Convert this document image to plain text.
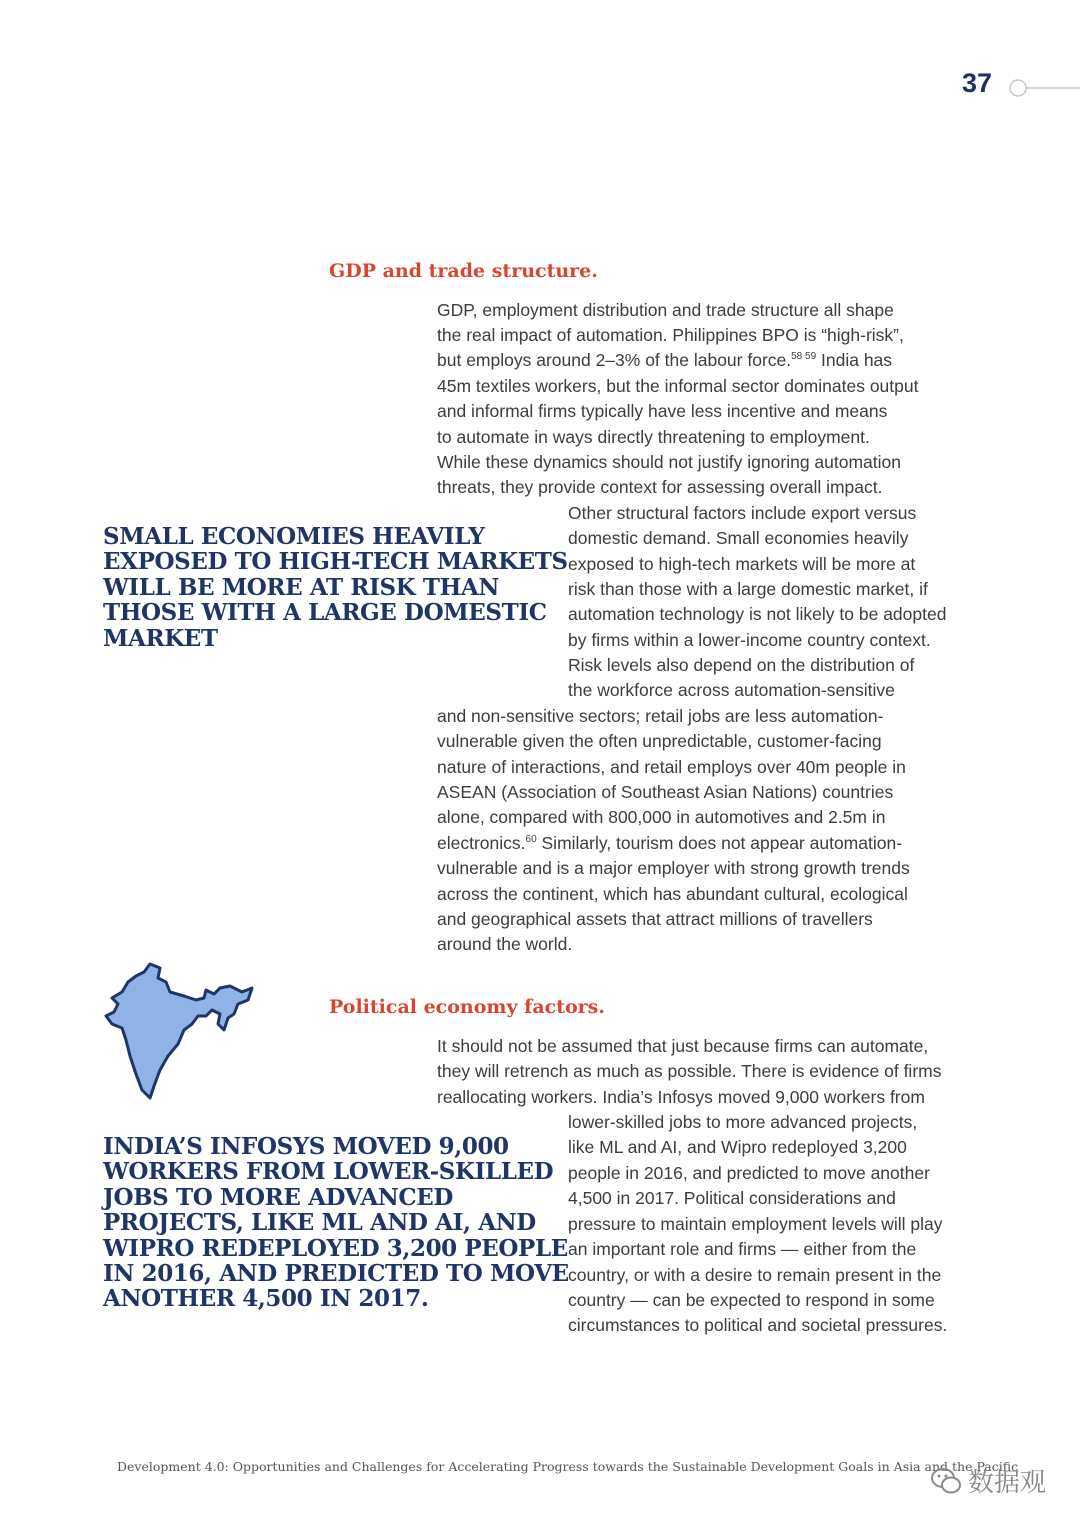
37
GDP and trade structure.
GDP, employment distribution and trade structure all shape
the real impact of automation. Philippines BPO is “high-risk”,
but employs around 2–3% of the labour force.$^{58 59}$ India has
45m textiles workers, but the informal sector dominates output
and informal firms typically have less incentive and means
to automate in ways directly threatening to employment.
While these dynamics should not justify ignoring automation
threats, they provide context for assessing overall impact.
Other structural factors include export versus
domestic demand. Small economies heavily
exposed to high-tech markets will be more at
risk than those with a large domestic market, if
automation technology is not likely to be adopted
by firms within a lower-income country context.
Risk levels also depend on the distribution of
the workforce across automation-sensitive
and non-sensitive sectors; retail jobs are less automation-
vulnerable given the often unpredictable, customer-facing
nature of interactions, and retail employs over 40m people in
ASEAN (Association of Southeast Asian Nations) countries
alone, compared with 800,000 in automotives and 2.5m in
electronics.$^{60}$ Similarly, tourism does not appear automation-
vulnerable and is a major employer with strong growth trends
across the continent, which has abundant cultural, ecological
and geographical assets that attract millions of travellers
around the world.
SMALL ECONOMIES HEAVILY
EXPOSED TO HIGH-TECH MARKETS
WILL BE MORE AT RISK THAN
THOSE WITH A LARGE DOMESTIC
MARKET
Political economy factors.
It should not be assumed that just because firms can automate,
they will retrench as much as possible. There is evidence of firms
reallocating workers. India’s Infosys moved 9,000 workers from
lower-skilled jobs to more advanced projects,
like ML and AI, and Wipro redeployed 3,200
people in 2016, and predicted to move another
4,500 in 2017. Political considerations and
pressure to maintain employment levels will play
an important role and firms — either from the
country, or with a desire to remain present in the
country — can be expected to respond in some
circumstances to political and societal pressures.
INDIA’S INFOSYS MOVED 9,000
WORKERS FROM LOWER-SKILLED
JOBS TO MORE ADVANCED
PROJECTS, LIKE ML AND AI, AND
WIPRO REDEPLOYED 3,200 PEOPLE
IN 2016, AND PREDICTED TO MOVE
ANOTHER 4,500 IN 2017.
Development 4.0: Opportunities and Challenges for Accelerating Progress towards the Sustainable Development Goals in Asia and the Pacific
数据观
